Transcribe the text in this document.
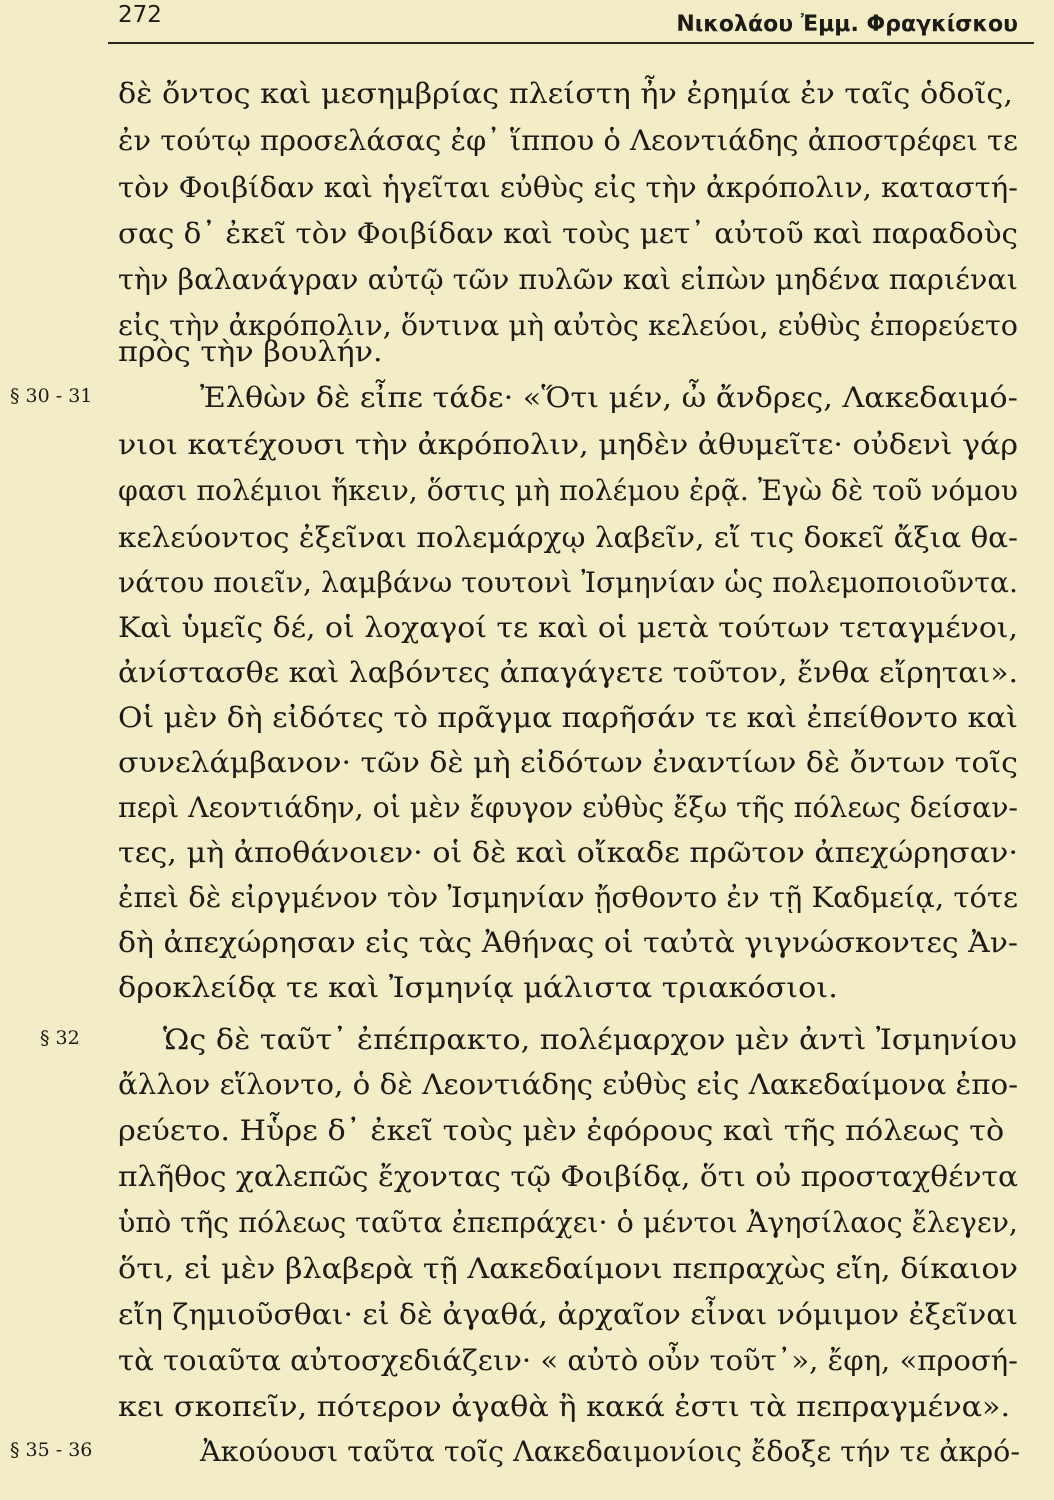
272	Νικολάου Ἐμμ. Φραγκίσκου
δὲ ὄντος καὶ μεσημβρίας πλείστη ἦν ἐρημία ἐν ταῖς ὁδοῖς,
ἐν τούτῳ προσελάσας ἐφ᾽ ἵππου ὁ Λεοντιάδης ἀποστρέφει τε
τὸν Φοιβίδαν καὶ ἡγεῖται εὐθὺς εἰς τὴν ἀκρόπολιν, καταστή-
σας δ᾽ ἐκεῖ τὸν Φοιβίδαν καὶ τοὺς μετ᾽ αὐτοῦ καὶ παραδοὺς
τὴν βαλανάγραν αὐτῷ τῶν πυλῶν καὶ εἰπὼν μηδένα παριέναι
εἰς τὴν ἀκρόπολιν, ὅντινα μὴ αὐτὸς κελεύοι, εὐθὺς ἐπορεύετο
πρὸς τὴν βουλήν.
§ 30 - 31	Ἐλθὼν δὲ εἶπε τάδε· «Ὅτι μέν, ὦ ἄνδρες, Λακεδαιμό-
νιοι κατέχουσι τὴν ἀκρόπολιν, μηδὲν ἀθυμεῖτε· οὐδενὶ γάρ
φασι πολέμιοι ἥκειν, ὅστις μὴ πολέμου ἐρᾷ. Ἐγὼ δὲ τοῦ νόμου
κελεύοντος ἐξεῖναι πολεμάρχῳ λαβεῖν, εἴ τις δοκεῖ ἄξια θα-
νάτου ποιεῖν, λαμβάνω τουτονὶ Ἰσμηνίαν ὡς πολεμοποιοῦντα.
Καὶ ὑμεῖς δέ, οἱ λοχαγοί τε καὶ οἱ μετὰ τούτων τεταγμένοι,
ἀνίστασθε καὶ λαβόντες ἀπαγάγετε τοῦτον, ἔνθα εἴρηται».
Οἱ μὲν δὴ εἰδότες τὸ πρᾶγμα παρῆσάν τε καὶ ἐπείθοντο καὶ
συνελάμβανον· τῶν δὲ μὴ εἰδότων ἐναντίων δὲ ὄντων τοῖς
περὶ Λεοντιάδην, οἱ μὲν ἔφυγον εὐθὺς ἔξω τῆς πόλεως δείσαν-
τες, μὴ ἀποθάνοιεν· οἱ δὲ καὶ οἴκαδε πρῶτον ἀπεχώρησαν·
ἐπεὶ δὲ εἰργμένον τὸν Ἰσμηνίαν ᾔσθοντο ἐν τῇ Καδμείᾳ, τότε
δὴ ἀπεχώρησαν εἰς τὰς Ἀθήνας οἱ ταὐτὰ γιγνώσκοντες Ἀν-
δροκλείδᾳ τε καὶ Ἰσμηνίᾳ μάλιστα τριακόσιοι.
§ 32	Ὡς δὲ ταῦτ᾽ ἐπέπρακτο, πολέμαρχον μὲν ἀντὶ Ἰσμηνίου
ἄλλον εἵλοντο, ὁ δὲ Λεοντιάδης εὐθὺς εἰς Λακεδαίμονα ἐπο-
ρεύετο. Ηὗρε δ᾽ ἐκεῖ τοὺς μὲν ἐφόρους καὶ τῆς πόλεως τὸ
πλῆθος χαλεπῶς ἔχοντας τῷ Φοιβίδᾳ, ὅτι οὐ προσταχθέντα
ὑπὸ τῆς πόλεως ταῦτα ἐπεπράχει· ὁ μέντοι Ἀγησίλαος ἔλεγεν,
ὅτι, εἰ μὲν βλαβερὰ τῇ Λακεδαίμονι πεπραχὼς εἴη, δίκαιον
εἴη ζημιοῦσθαι· εἰ δὲ ἀγαθά, ἀρχαῖον εἶναι νόμιμον ἐξεῖναι
τὰ τοιαῦτα αὐτοσχεδιάζειν· « αὐτὸ οὖν τοῦτ᾽», ἔφη, «προσή-
κει σκοπεῖν, πότερον ἀγαθὰ ἢ κακά ἐστι τὰ πεπραγμένα».
§ 35 - 36	Ἀκούουσι ταῦτα τοῖς Λακεδαιμονίοις ἔδοξε τήν τε ἀκρό-
